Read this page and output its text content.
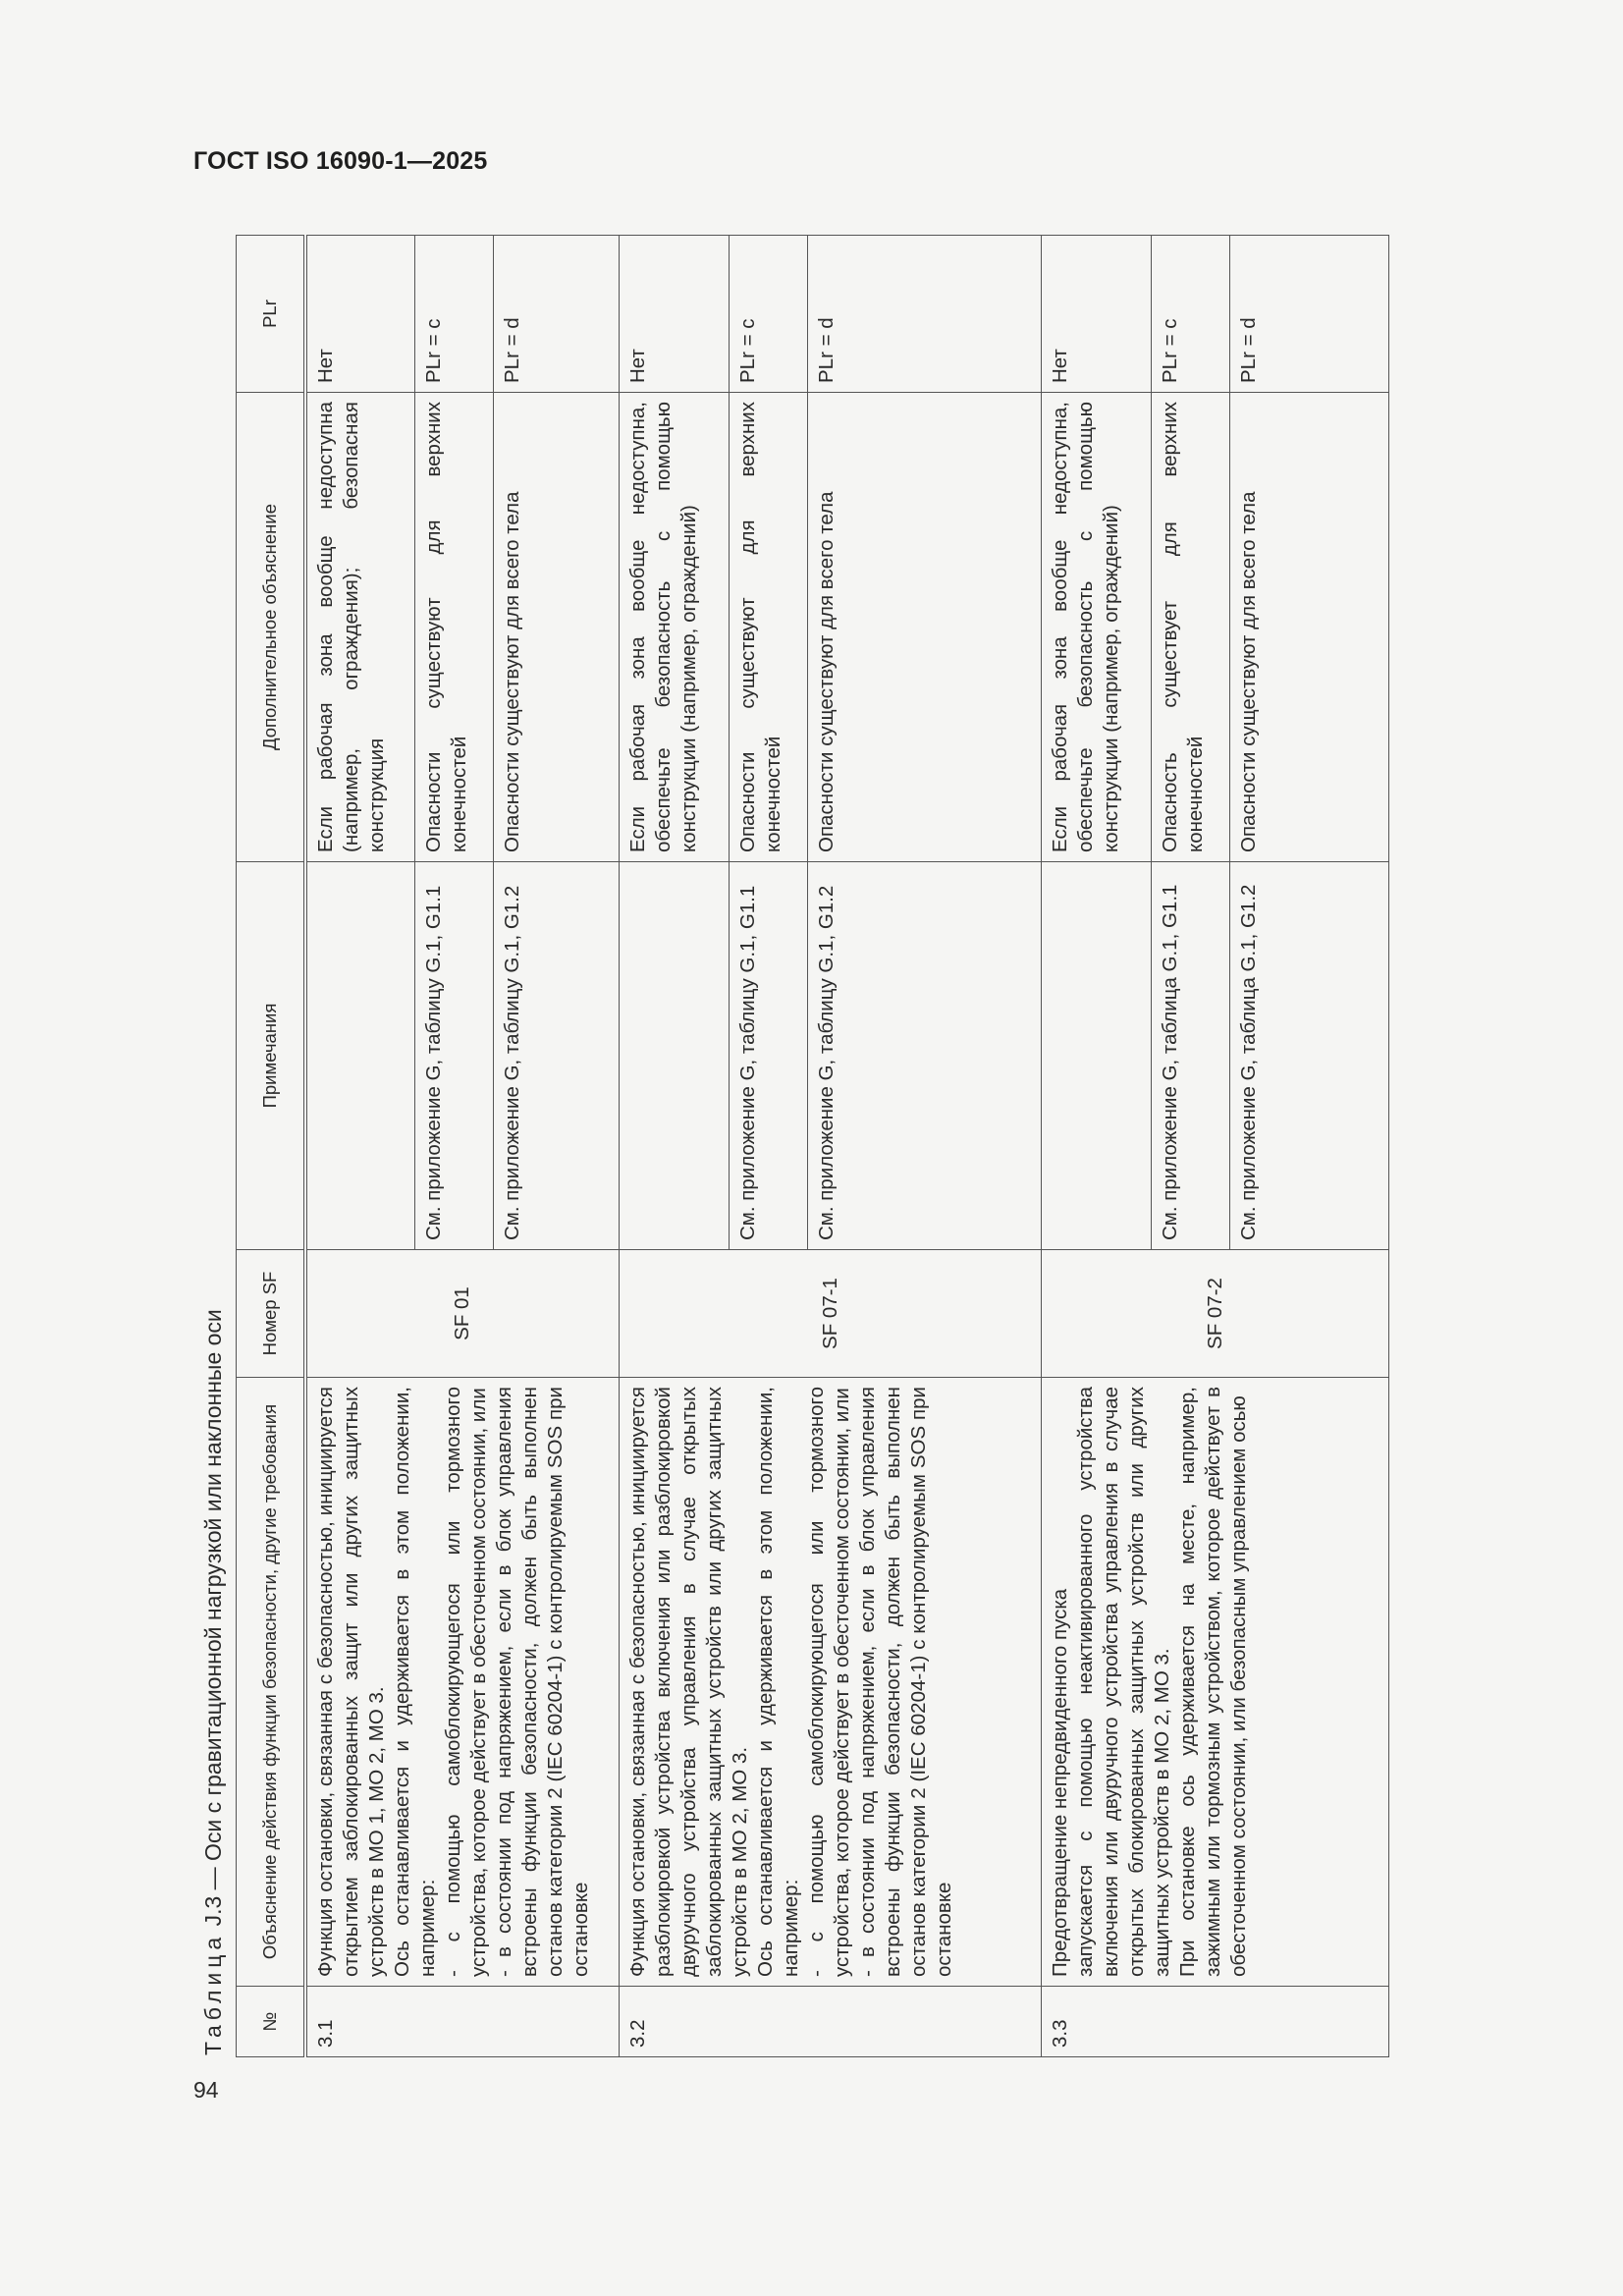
ГОСТ ISO 16090-1—2025
Таблица J.3 — Оси с гравитационной нагрузкой или наклонные оси
№	Объяснение действия функции безопасности, другие требования	Номер SF	Примечания	Дополнительное объяснение	PLr
3.1	Функция остановки, связанная с безопасностью, инициируется открытием заблокированных защит или других защитных устройств в МО 1, МО 2, МО 3. Ось останавливается и удерживается в этом положении, например: - с помощью самоблокирующегося или тормозного устройства, которое действует в обесточенном состоянии, или - в состоянии под напряжением, если в блок управления встроены функции безопасности, должен быть выполнен останов категории 2 (IEC 60204-1) с контролируемым SOS при остановке	SF 01		Если рабочая зона вообще недоступна (например, ограждения); безопасная конструкция	Нет
			См. приложение G, таблицу G.1, G1.1	Опасности существуют для верхних конечностей	PLr = c
			См. приложение G, таблицу G.1, G1.2	Опасности существуют для всего тела	PLr = d
3.2	Функция остановки, связанная с безопасностью, инициируется разблокировкой устройства включения или разблокировкой двуручного устройства управления в случае открытых заблокированных защитных устройств или других защитных устройств в МО 2, МО 3. Ось останавливается и удерживается в этом положении, например: - с помощью самоблокирующегося или тормозного устройства, которое действует в обесточенном состоянии, или - в состоянии под напряжением, если в блок управления встроены функции безопасности, должен быть выполнен останов категории 2 (IEC 60204-1) с контролируемым SOS при остановке	SF 07-1		Если рабочая зона вообще недоступна, обеспечьте безопасность с помощью конструкции (например, ограждений)	Нет
			См. приложение G, таблицу G.1, G1.1	Опасности существуют для верхних конечностей	PLr = c
			См. приложение G, таблицу G.1, G1.2	Опасности существуют для всего тела	PLr = d
3.3	Предотвращение непредвиденного пуска запускается с помощью неактивированного устройства включения или двуручного устройства управления в случае открытых блокированных защитных устройств или других защитных устройств в МО 2, МО 3. При остановке ось удерживается на месте, например, зажимным или тормозным устройством, которое действует в обесточенном состоянии, или безопасным управлением осью	SF 07-2		Если рабочая зона вообще недоступна, обеспечьте безопасность с помощью конструкции (например, ограждений)	Нет
			См. приложение G, таблица G.1, G1.1	Опасность существует для верхних конечностей	PLr = c
			См. приложение G, таблица G.1, G1.2	Опасности существуют для всего тела	PLr = d
94
